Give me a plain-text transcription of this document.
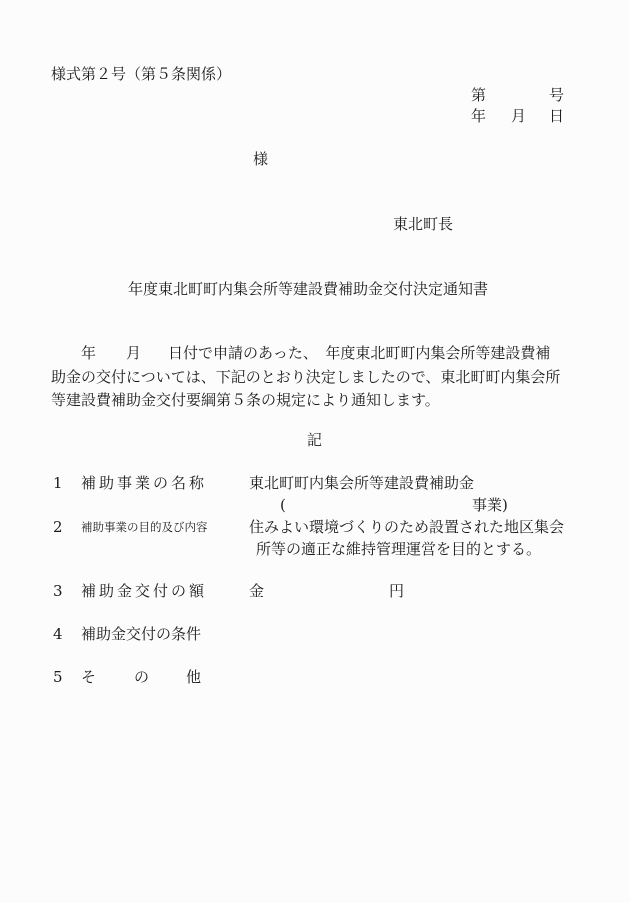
様式第２号（第５条関係）
第	号
年 月 日
様
東北町長
年度東北町町内集会所等建設費補助金交付決定通知書
年 月 日付で申請のあった、　年度東北町町内集会所等建設費補
助金の交付については、下記のとおり決定しましたので、東北町町内集会所
等建設費補助金交付要綱第５条の規定により通知します。
記
1 補助事業の名称	東北町町内集会所等建設費補助金
(	事業)
2 補助事業の目的及び内容	住みよい環境づくりのため設置された地区集会
所等の適正な維持管理運営を目的とする。
3 補助金交付の額	金	円
4 補助金交付の条件
5 そ	の 他
